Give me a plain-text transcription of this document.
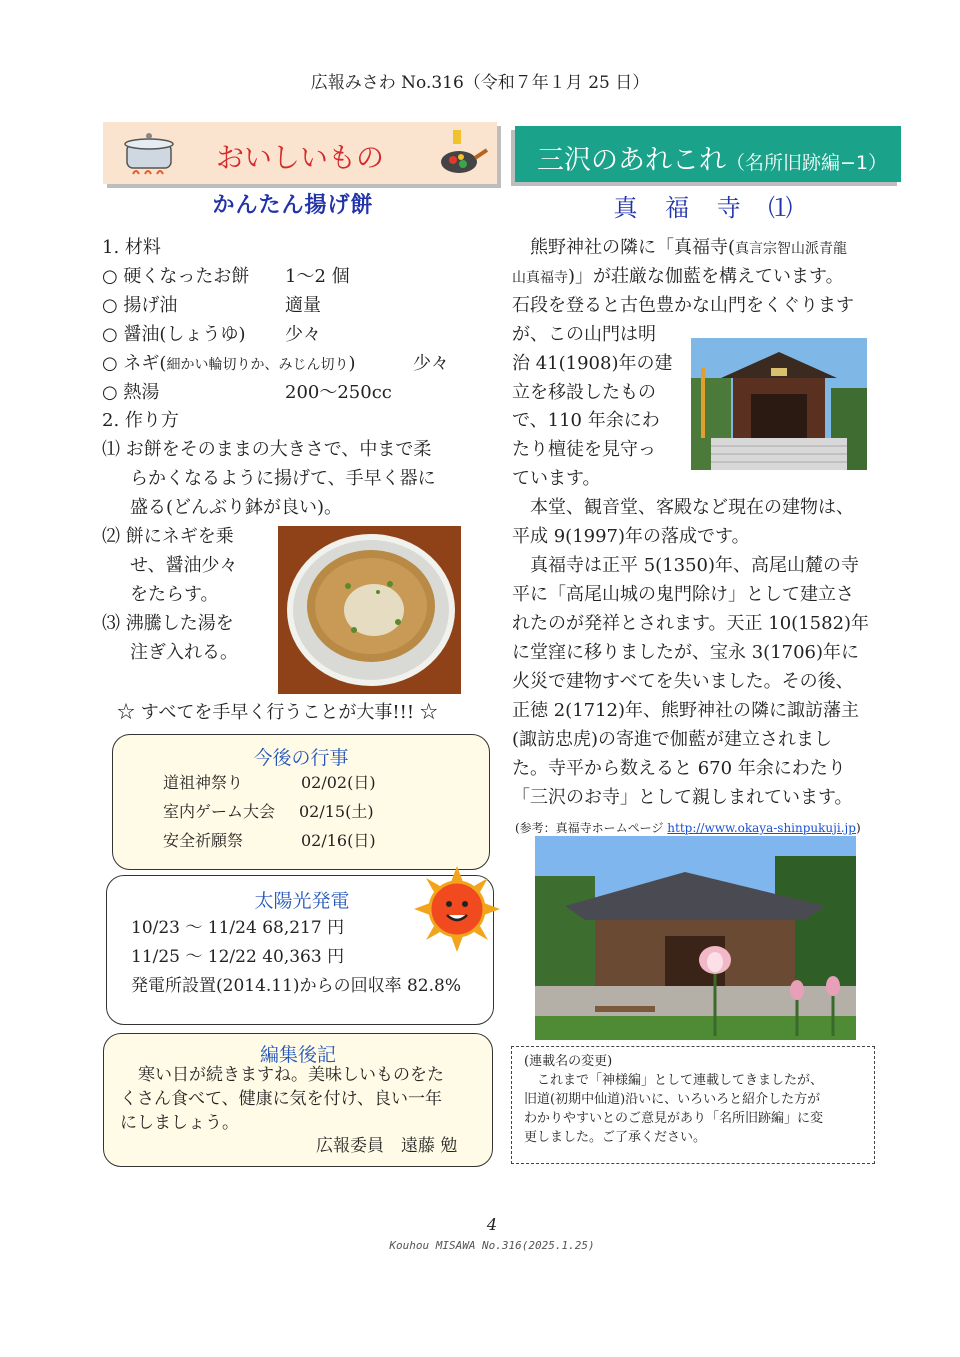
広報みさわ No.316（令和７年１月 25 日）
おいしいもの
かんたん揚げ餅
1. 材料
○ 硬くなったお餅 1～2 個
○ 揚げ油	適量
○ 醤油(しょうゆ) 少々
○ ネギ(細かい輪切りか、みじん切り)	少々
○ 熱湯	200～250cc
2. 作り方
⑴ お餅をそのままの大きさで、中まで柔
らかくなるように揚げて、手早く器に
盛る(どんぶり鉢が良い)。
⑵ 餅にネギを乗
せ、醤油少々
をたらす。
⑶ 沸騰した湯を
注ぎ入れる。
☆ すべてを手早く行うことが大事!!! ☆
今後の行事
道祖神祭り	02/02(日)
室内ゲーム大会 02/15(土)
安全祈願祭	02/16(日)
太陽光発電
10/23 ～ 11/24 68,217 円
11/25 ～ 12/22 40,363 円
発電所設置(2014.11)からの回収率 82.8%
編集後記
寒い日が続きますね。美味しいものをた
くさん食べて、健康に気を付け、良い一年
にしましょう。
広報委員　遠藤 勉
三沢のあれこれ（名所旧跡編−1）
真 福 寺 ⑴
　熊野神社の隣に「真福寺(真言宗智山派青龍
山真福寺)」が荘厳な伽藍を構えています。
石段を登ると古色豊かな山門をくぐります
が、この山門は明
治 41(1908)年の建
立を移設したもの
で、110 年余にわ
たり檀徒を見守っ
ています。
　本堂、観音堂、客殿など現在の建物は、
平成 9(1997)年の落成です。
　真福寺は正平 5(1350)年、高尾山麓の寺
平に「高尾山城の鬼門除け」として建立さ
れたのが発祥とされます。天正 10(1582)年
に堂窪に移りましたが、宝永 3(1706)年に
火災で建物すべてを失いました。その後、
正徳 2(1712)年、熊野神社の隣に諏訪藩主
(諏訪忠虎)の寄進で伽藍が建立されまし
た。寺平から数えると 670 年余にわたり
「三沢のお寺」として親しまれています。
(参考：真福寺ホームページ http://www.okaya-shinpukuji.jp)
(連載名の変更)
　これまで「神様編」として連載してきましたが、
旧道(初期中仙道)沿いに、いろいろと紹介した方が
わかりやすいとのご意見があり「名所旧跡編」に変
更しました。ご了承ください。
4
Kouhou MISAWA No.316(2025.1.25)
